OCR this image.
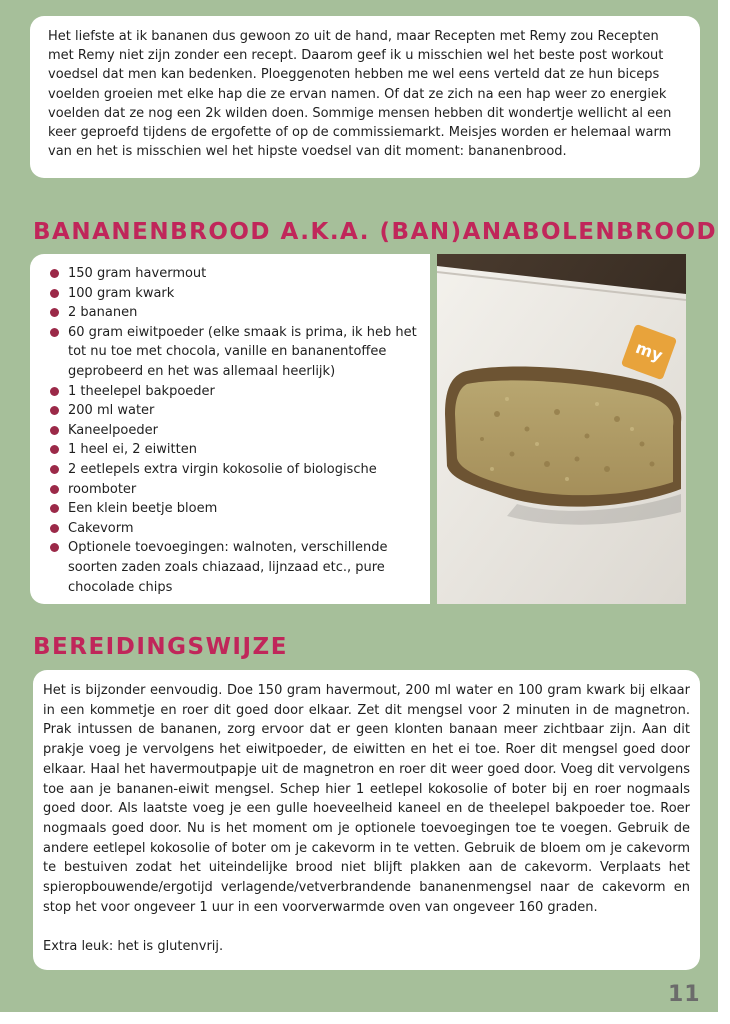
Het liefste at ik bananen dus gewoon zo uit de hand, maar Recepten met Remy zou Recepten met Remy niet zijn zonder een recept. Daarom geef ik u misschien wel het beste post workout voedsel dat men kan bedenken. Ploeggenoten hebben me wel eens verteld dat ze hun biceps voelden groeien met elke hap die ze ervan namen. Of dat ze zich na een hap weer zo energiek voelden dat ze nog een 2k wilden doen. Sommige mensen hebben dit wondertje wellicht al een keer geproefd tijdens de ergofette of op de commissiemarkt. Meisjes worden er helemaal warm van en het is misschien wel het hipste voedsel van dit moment: bananenbrood.
BANANENBROOD A.K.A. (BAN)ANABOLENBROOD
150 gram havermout
100 gram kwark
2 bananen
60 gram eiwitpoeder (elke smaak is prima, ik heb het tot nu toe met chocola, vanille en bananentoffee geprobeerd en het was allemaal heerlijk)
1 theelepel bakpoeder
200 ml water
Kaneelpoeder
1 heel ei, 2 eiwitten
2 eetlepels extra virgin kokosolie of biologische
roomboter
Een klein beetje bloem
Cakevorm
Optionele toevoegingen: walnoten, verschillende soorten zaden zoals chiazaad, lijnzaad etc., pure chocolade chips
my
BEREIDINGSWIJZE

Het is bijzonder eenvoudig. Doe 150 gram havermout, 200 ml water en 100 gram kwark bij elkaar in een kommetje en roer dit goed door elkaar. Zet dit mengsel voor 2 minuten in de magnetron. Prak intussen de bananen, zorg ervoor dat er geen klonten banaan meer zichtbaar zijn. Aan dit prakje voeg je vervolgens het eiwitpoeder, de eiwitten en het ei toe. Roer dit mengsel goed door elkaar. Haal het havermoutpapje uit de magnetron en roer dit weer goed door. Voeg dit vervolgens toe aan je bananen-eiwit mengsel. Schep hier 1 eetlepel kokosolie of boter bij en roer nogmaals goed door. Als laatste voeg je een gulle hoeveelheid kaneel en de theelepel bakpoeder toe. Roer nogmaals goed door. Nu is het moment om je optionele toevoegingen toe te voegen. Gebruik de andere eetlepel kokosolie of boter om je cakevorm in te vetten. Gebruik de bloem om je cakevorm te bestuiven zodat het uiteindelijke brood niet blijft plakken aan de cakevorm. Verplaats het spieropbouwende/ergotijd verlagende/vetverbrandende bananenmengsel naar de cakevorm en stop het voor ongeveer 1 uur in een voorverwarmde oven van ongeveer 160 graden.

Extra leuk: het is glutenvrij.

11
